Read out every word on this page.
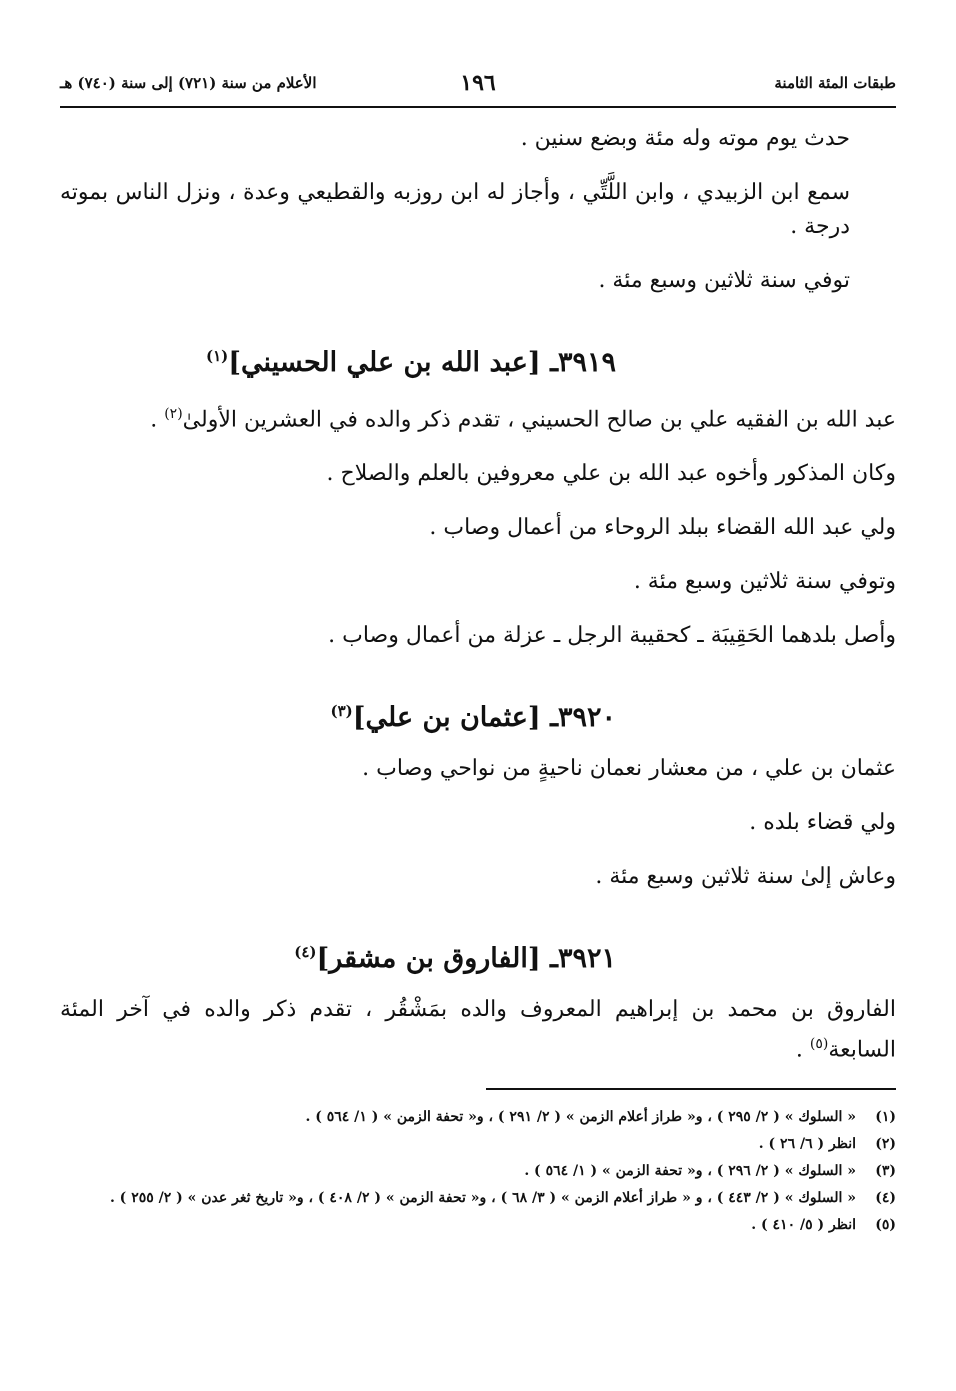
طبقات المئة الثامنة
١٩٦
الأعلام من سنة (٧٢١) إلى سنة (٧٤٠) هـ

حدث يوم موته وله مئة وبضع سنين .

سمع ابن الزبيدي ، وابن اللَّتِّي ، وأجاز له ابن روزبه والقطيعي وعدة ، ونزل الناس بموته درجة .

توفي سنة ثلاثين وسبع مئة .

٣٩١٩ـ [عبد الله بن علي الحسيني]$^{(١)}$

عبد الله بن الفقيه علي بن صالح الحسيني ، تقدم ذكر والده في العشرين الأولىٰ$^{(٢)}$ .

وكان المذكور وأخوه عبد الله بن علي معروفين بالعلم والصلاح .

ولي عبد الله القضاء ببلد الروحاء من أعمال وصاب .

وتوفي سنة ثلاثين وسبع مئة .

وأصل بلدهما الحَقِيبَة ـ كحقيبة الرجل ـ عزلة من أعمال وصاب .

٣٩٢٠ـ [عثمان بن علي]$^{(٣)}$

عثمان بن علي ، من معشار نعمان ناحيةٍ من نواحي وصاب .

ولي قضاء بلده .

وعاش إلىٰ سنة ثلاثين وسبع مئة .

٣٩٢١ـ [الفاروق بن مشقر]$^{(٤)}$

الفاروق بن محمد بن إبراهيم المعروف والده بمَشْقُر ، تقدم ذكر والده في آخر المئة السابعة$^{(٥)}$ .

(١)
« السلوك » ( ٢/ ٢٩٥ ) ، و« طراز أعلام الزمن » ( ٢/ ٢٩١ ) ، و« تحفة الزمن » ( ١/ ٥٦٤ ) .
(٢)
انظر ( ٦/ ٢٦ ) .
(٣)
« السلوك » ( ٢/ ٢٩٦ ) ، و« تحفة الزمن » ( ١/ ٥٦٤ ) .
(٤)
« السلوك » ( ٢/ ٤٤٣ ) ، و « طراز أعلام الزمن » ( ٣/ ٦٨ ) ، و« تحفة الزمن » ( ٢/ ٤٠٨ ) ، و« تاريخ ثغر عدن » ( ٢/ ٢٥٥ ) .
(٥)
انظر ( ٥/ ٤١٠ ) .
